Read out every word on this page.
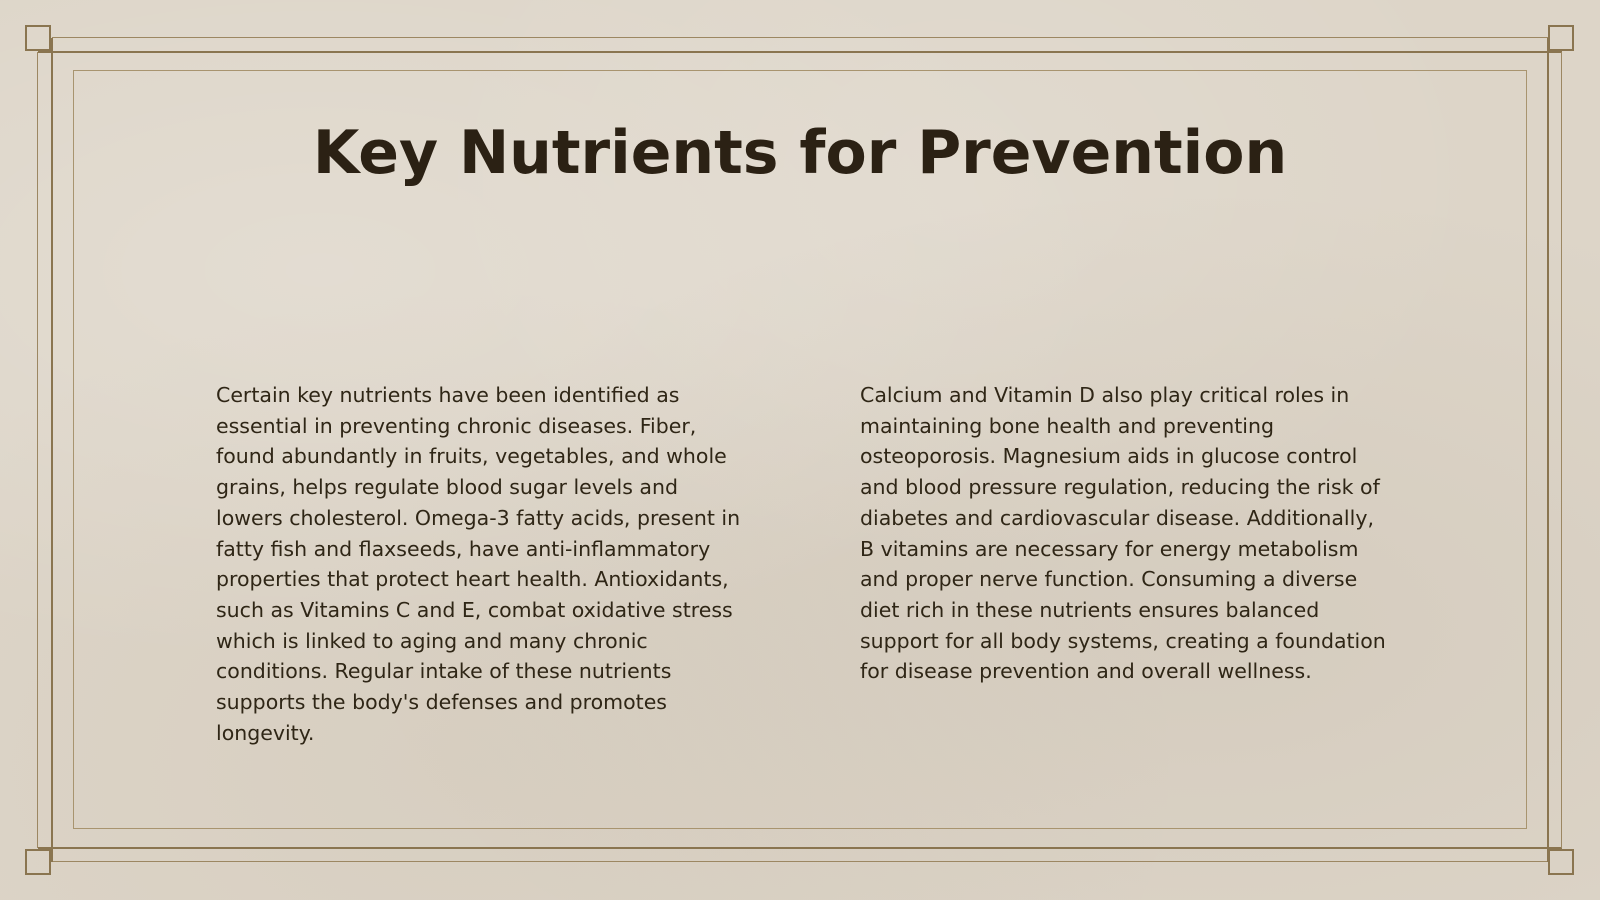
Key Nutrients for Prevention

Certain key nutrients have been identified as essential in preventing chronic diseases. Fiber, found abundantly in fruits, vegetables, and whole grains, helps regulate blood sugar levels and lowers cholesterol. Omega-3 fatty acids, present in fatty fish and flaxseeds, have anti-inflammatory properties that protect heart health. Antioxidants, such as Vitamins C and E, combat oxidative stress which is linked to aging and many chronic conditions. Regular intake of these nutrients supports the body's defenses and promotes longevity.

Calcium and Vitamin D also play critical roles in maintaining bone health and preventing osteoporosis. Magnesium aids in glucose control and blood pressure regulation, reducing the risk of diabetes and cardiovascular disease. Additionally, B vitamins are necessary for energy metabolism and proper nerve function. Consuming a diverse diet rich in these nutrients ensures balanced support for all body systems, creating a foundation for disease prevention and overall wellness.
